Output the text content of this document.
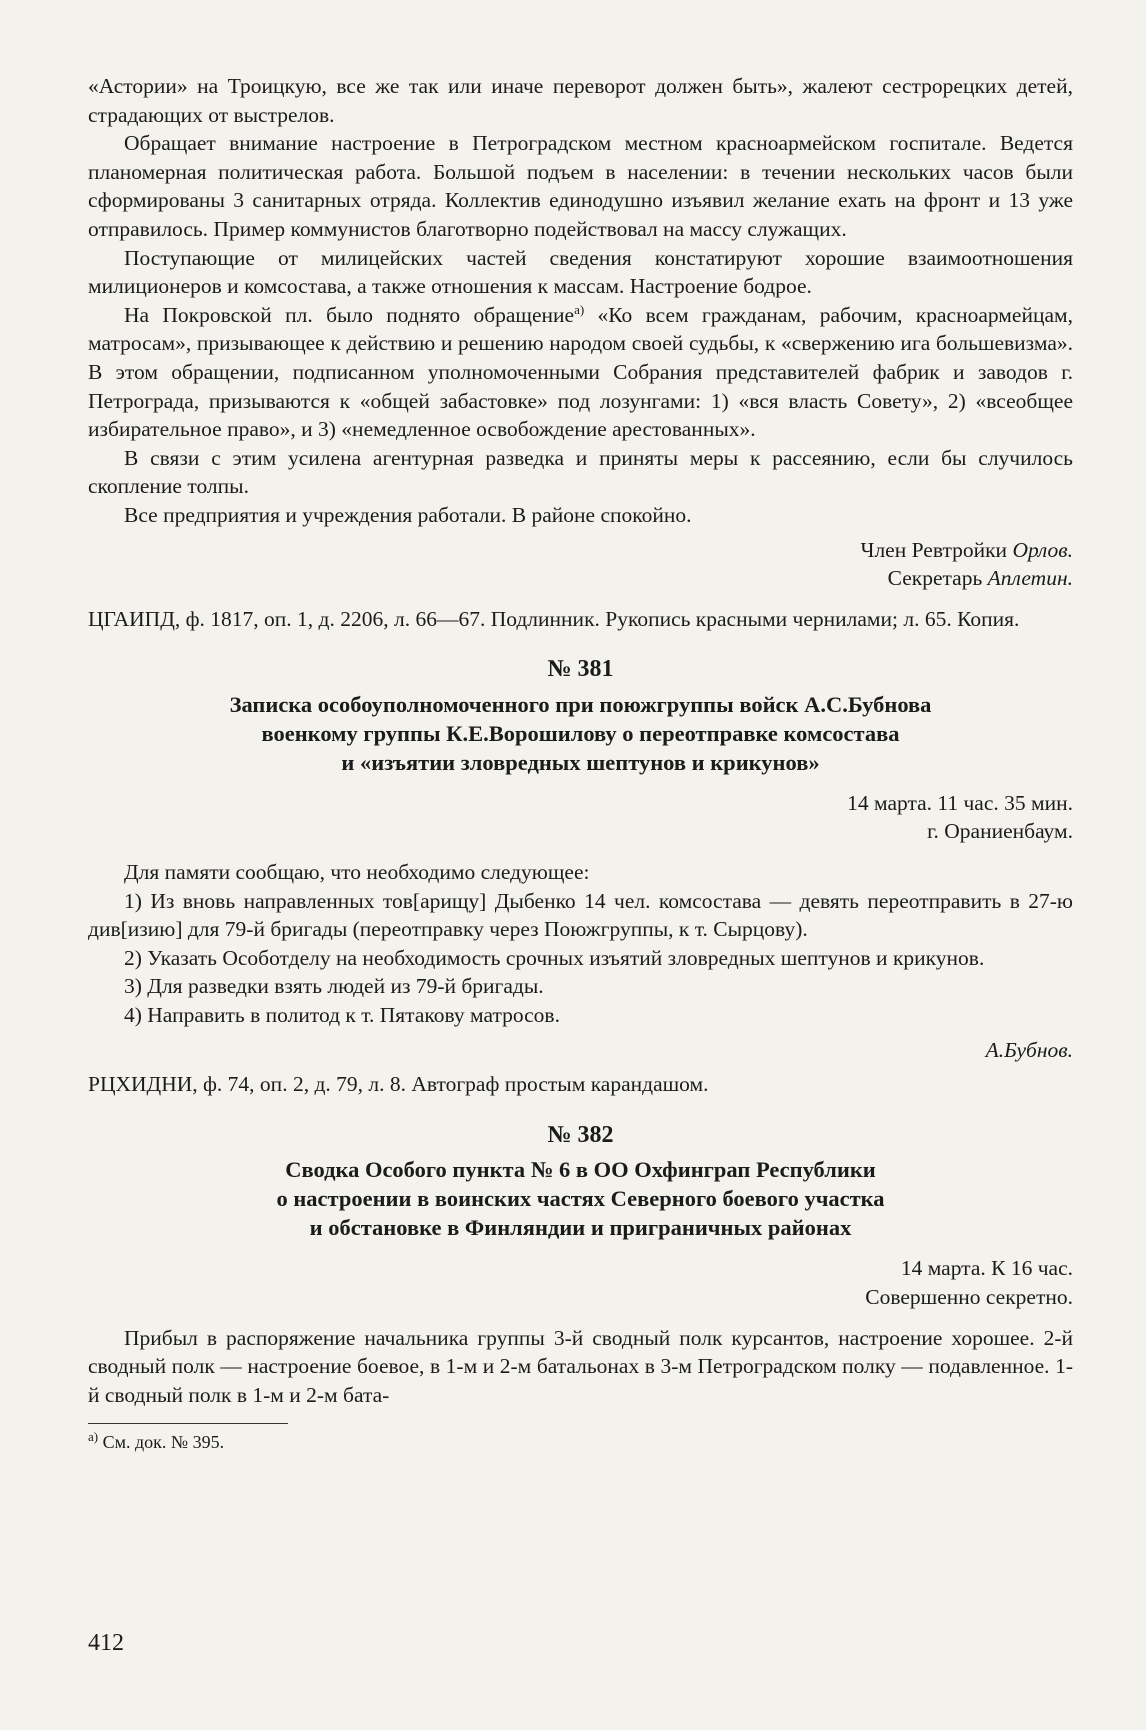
«Астории» на Троицкую, все же так или иначе переворот должен быть», жалеют сестрорецких детей, страдающих от выстрелов.

Обращает внимание настроение в Петроградском местном красноармейском госпитале. Ведется планомерная политическая работа. Большой подъем в населении: в течении нескольких часов были сформированы 3 санитарных отряда. Коллектив единодушно изъявил желание ехать на фронт и 13 уже отправилось. Пример коммунистов благотворно подействовал на массу служащих.

Поступающие от милицейских частей сведения констатируют хорошие взаимоотношения милиционеров и комсостава, а также отношения к массам. Настроение бодрое.

На Покровской пл. было поднято обращение$^{а)}$ «Ко всем гражданам, рабочим, красноармейцам, матросам», призывающее к действию и решению народом своей судьбы, к «свержению ига большевизма». В этом обращении, подписанном уполномоченными Собрания представителей фабрик и заводов г. Петрограда, призываются к «общей забастовке» под лозунгами: 1) «вся власть Совету», 2) «всеобщее избирательное право», и 3) «немедленное освобождение арестованных».

В связи с этим усилена агентурная разведка и приняты меры к рассеянию, если бы случилось скопление толпы.

Все предприятия и учреждения работали. В районе спокойно.

Член Ревтройки Орлов.

Секретарь Аплетин.

ЦГАИПД, ф. 1817, оп. 1, д. 2206, л. 66—67. Подлинник. Рукопись красными чернилами; л. 65. Копия.

№ 381
Записка особоуполномоченного при поюжгруппы войск А.С.Бубнова
военкому группы К.Е.Ворошилову о переотправке комсостава
и «изъятии зловредных шептунов и крикунов»

14 марта. 11 час. 35 мин.

г. Ораниенбаум.

Для памяти сообщаю, что необходимо следующее:

1) Из вновь направленных тов[арищу] Дыбенко 14 чел. комсостава — девять переотправить в 27-ю див[изию] для 79-й бригады (переотправку через Поюжгруппы, к т. Сырцову).

2) Указать Особотделу на необходимость срочных изъятий зловредных шептунов и крикунов.

3) Для разведки взять людей из 79-й бригады.

4) Направить в политод к т. Пятакову матросов.

А.Бубнов.

РЦХИДНИ, ф. 74, оп. 2, д. 79, л. 8. Автограф простым карандашом.

№ 382
Сводка Особого пункта № 6 в ОО Охфинграп Республики
о настроении в воинских частях Северного боевого участка
и обстановке в Финляндии и приграничных районах

14 марта. К 16 час.

Совершенно секретно.

Прибыл в распоряжение начальника группы 3-й сводный полк курсантов, настроение хорошее. 2-й сводный полк — настроение боевое, в 1-м и 2-м батальонах в 3-м Петроградском полку — подавленное. 1-й сводный полк в 1-м и 2-м бата-

$^{а)}$ См. док. № 395.

412
